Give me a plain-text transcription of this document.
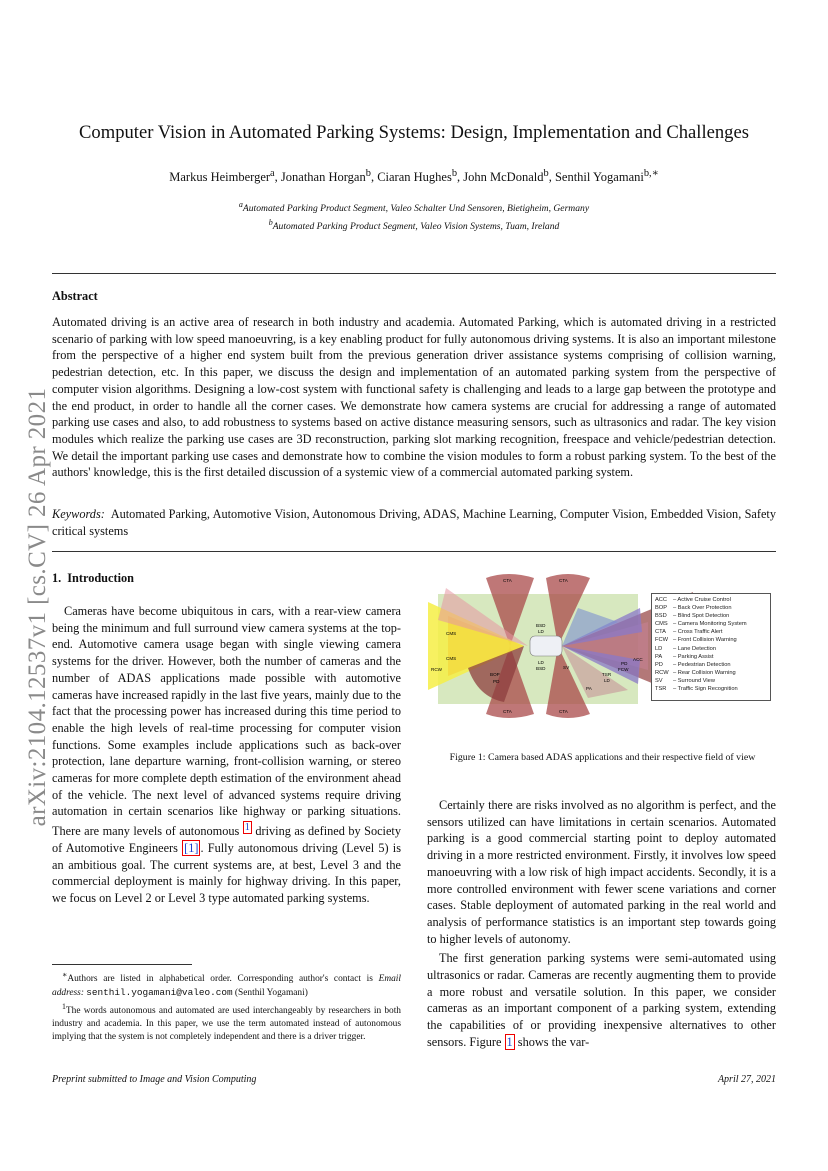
arXiv:2104.12537v1 [cs.CV] 26 Apr 2021
Computer Vision in Automated Parking Systems: Design, Implementation and Challenges
Markus Heimberger$^a$, Jonathan Horgan$^b$, Ciaran Hughes$^b$, John McDonald$^b$, Senthil Yogamani$^{b,∗}$
$^a$Automated Parking Product Segment, Valeo Schalter Und Sensoren, Bietigheim, Germany
$^b$Automated Parking Product Segment, Valeo Vision Systems, Tuam, Ireland
Abstract
Automated driving is an active area of research in both industry and academia. Automated Parking, which is automated driving in a restricted scenario of parking with low speed manoeuvring, is a key enabling product for fully autonomous driving systems. It is also an important milestone from the perspective of a higher end system built from the previous generation driver assistance systems comprising of collision warning, pedestrian detection, etc. In this paper, we discuss the design and implementation of an automated parking system from the perspective of computer vision algorithms. Designing a low-cost system with functional safety is challenging and leads to a large gap between the prototype and the end product, in order to handle all the corner cases. We demonstrate how camera systems are crucial for addressing a range of automated parking use cases and also, to add robustness to systems based on active distance measuring sensors, such as ultrasonics and radar. The key vision modules which realize the parking use cases are 3D reconstruction, parking slot marking recognition, freespace and vehicle/pedestrian detection. We detail the important parking use cases and demonstrate how to combine the vision modules to form a robust parking system. To the best of the authors' knowledge, this is the first detailed discussion of a systemic view of a commercial automated parking system.
Keywords: Automated Parking, Automotive Vision, Autonomous Driving, ADAS, Machine Learning, Computer Vision, Embedded Vision, Safety critical systems
1. Introduction

Cameras have become ubiquitous in cars, with a rear-view camera being the minimum and full surround view camera systems at the top-end. Automotive camera usage began with single viewing camera systems for the driver. However, both the number of cameras and the number of ADAS applications made possible with automotive cameras have increased rapidly in the last five years, mainly due to the fact that the processing power has increased during this time period to enable the high levels of real-time processing for computer vision functions. Some examples include applications such as back-over protection, lane departure warning, front-collision warning, or stereo cameras for more complete depth estimation of the environment ahead of the vehicle. The next level of advanced systems require driving automation in certain scenarios like highway or parking situations. There are many levels of autonomous $^1$ driving as defined by Society of Automotive Engineers [1] . Fully autonomous driving (Level 5) is an ambitious goal. The current systems are, at best, Level 3 and the commercial deployment is mainly for highway driving. In this paper, we focus on Level 2 or Level 3 type automated parking systems.

∗Authors are listed in alphabetical order. Corresponding author's contact is Email address: senthil.yogamani@valeo.com (Senthil Yogamani)
$^1$The words autonomous and automated are used interchangeably by researchers in both industry and academia. In this paper, we use the term automated instead of autonomous implying that the system is not completely independent and there is a driver trigger.
CTA	CTA
CTA	CTA
CMS
CMS
RCW
BSD
LD
LD
BSD
BOP
PD
SV
PA
TSR
LD
PD
FCW
ACC
ACC	– Active Cruise Control
BOP	– Back Over Protection
BSD	– Blind Spot Detection
CMS – Camera Monitoring System
CTA	– Cross Traffic Alert
FCW – Front Collision Warning
LD	– Lane Detection
PA	– Parking Assist
PD	– Pedestrian Detection
RCW – Rear Collision Warning
SV	– Surround View
TSR	– Traffic Sign Recognition
Figure 1: Camera based ADAS applications and their respective field of view

Certainly there are risks involved as no algorithm is perfect, and the sensors utilized can have limitations in certain scenarios. Automated parking is a good commercial starting point to deploy automated driving in a more restricted environment. Firstly, it involves low speed manoeuvring with a low risk of high impact accidents. Secondly, it is a more controlled environment with fewer scene variations and corner cases. Stable deployment of automated parking in the real world and analysis of performance statistics is an important step towards going to higher levels of autonomy.

The first generation parking systems were semi-automated using ultrasonics or radar. Cameras are recently augmenting them to provide a more robust and versatile solution. In this paper, we consider cameras as an important component of a parking system, extending the capabilities of or providing inexpensive alternatives to other sensors. Figure 1 shows the var-

Preprint submitted to Image and Vision Computing	April 27, 2021
